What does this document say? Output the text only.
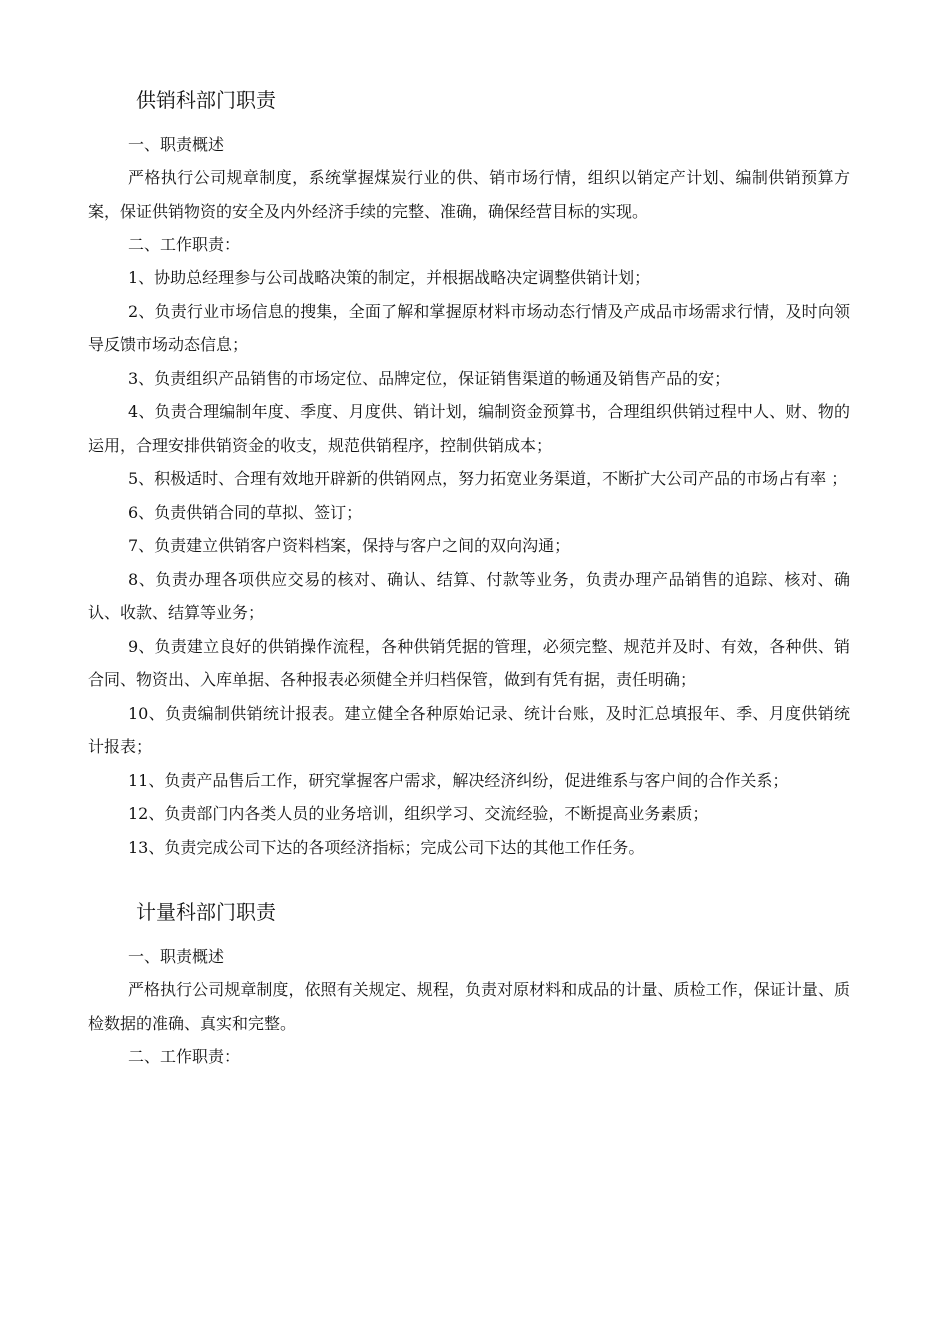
供销科部门职责

一、职责概述

严格执行公司规章制度，系统掌握煤炭行业的供、销市场行情，组织以销定产计划、编制供销预算方案，保证供销物资的安全及内外经济手续的完整、准确，确保经营目标的实现。

二、工作职责：

1、协助总经理参与公司战略决策的制定，并根据战略决定调整供销计划；

2、负责行业市场信息的搜集，全面了解和掌握原材料市场动态行情及产成品市场需求行情，及时向领导反馈市场动态信息；

3、负责组织产品销售的市场定位、品牌定位，保证销售渠道的畅通及销售产品的安；

4、负责合理编制年度、季度、月度供、销计划，编制资金预算书，合理组织供销过程中人、财、物的运用，合理安排供销资金的收支，规范供销程序，控制供销成本；

5、积极适时、合理有效地开辟新的供销网点，努力拓宽业务渠道，不断扩大公司产品的市场占有率 ；

6、负责供销合同的草拟、签订；

7、负责建立供销客户资料档案，保持与客户之间的双向沟通；

8、负责办理各项供应交易的核对、确认、结算、付款等业务，负责办理产品销售的追踪、核对、确认、收款、结算等业务；

9、负责建立良好的供销操作流程，各种供销凭据的管理，必须完整、规范并及时、有效，各种供、销合同、物资出、入库单据、各种报表必须健全并归档保管，做到有凭有据，责任明确；

10、负责编制供销统计报表。建立健全各种原始记录、统计台账，及时汇总填报年、季、月度供销统计报表；

11、负责产品售后工作，研究掌握客户需求，解决经济纠纷，促进维系与客户间的合作关系；

12、负责部门内各类人员的业务培训，组织学习、交流经验，不断提高业务素质；

13、负责完成公司下达的各项经济指标；完成公司下达的其他工作任务。

计量科部门职责

一、职责概述

严格执行公司规章制度，依照有关规定、规程，负责对原材料和成品的计量、质检工作，保证计量、质检数据的准确、真实和完整。

二、工作职责：
